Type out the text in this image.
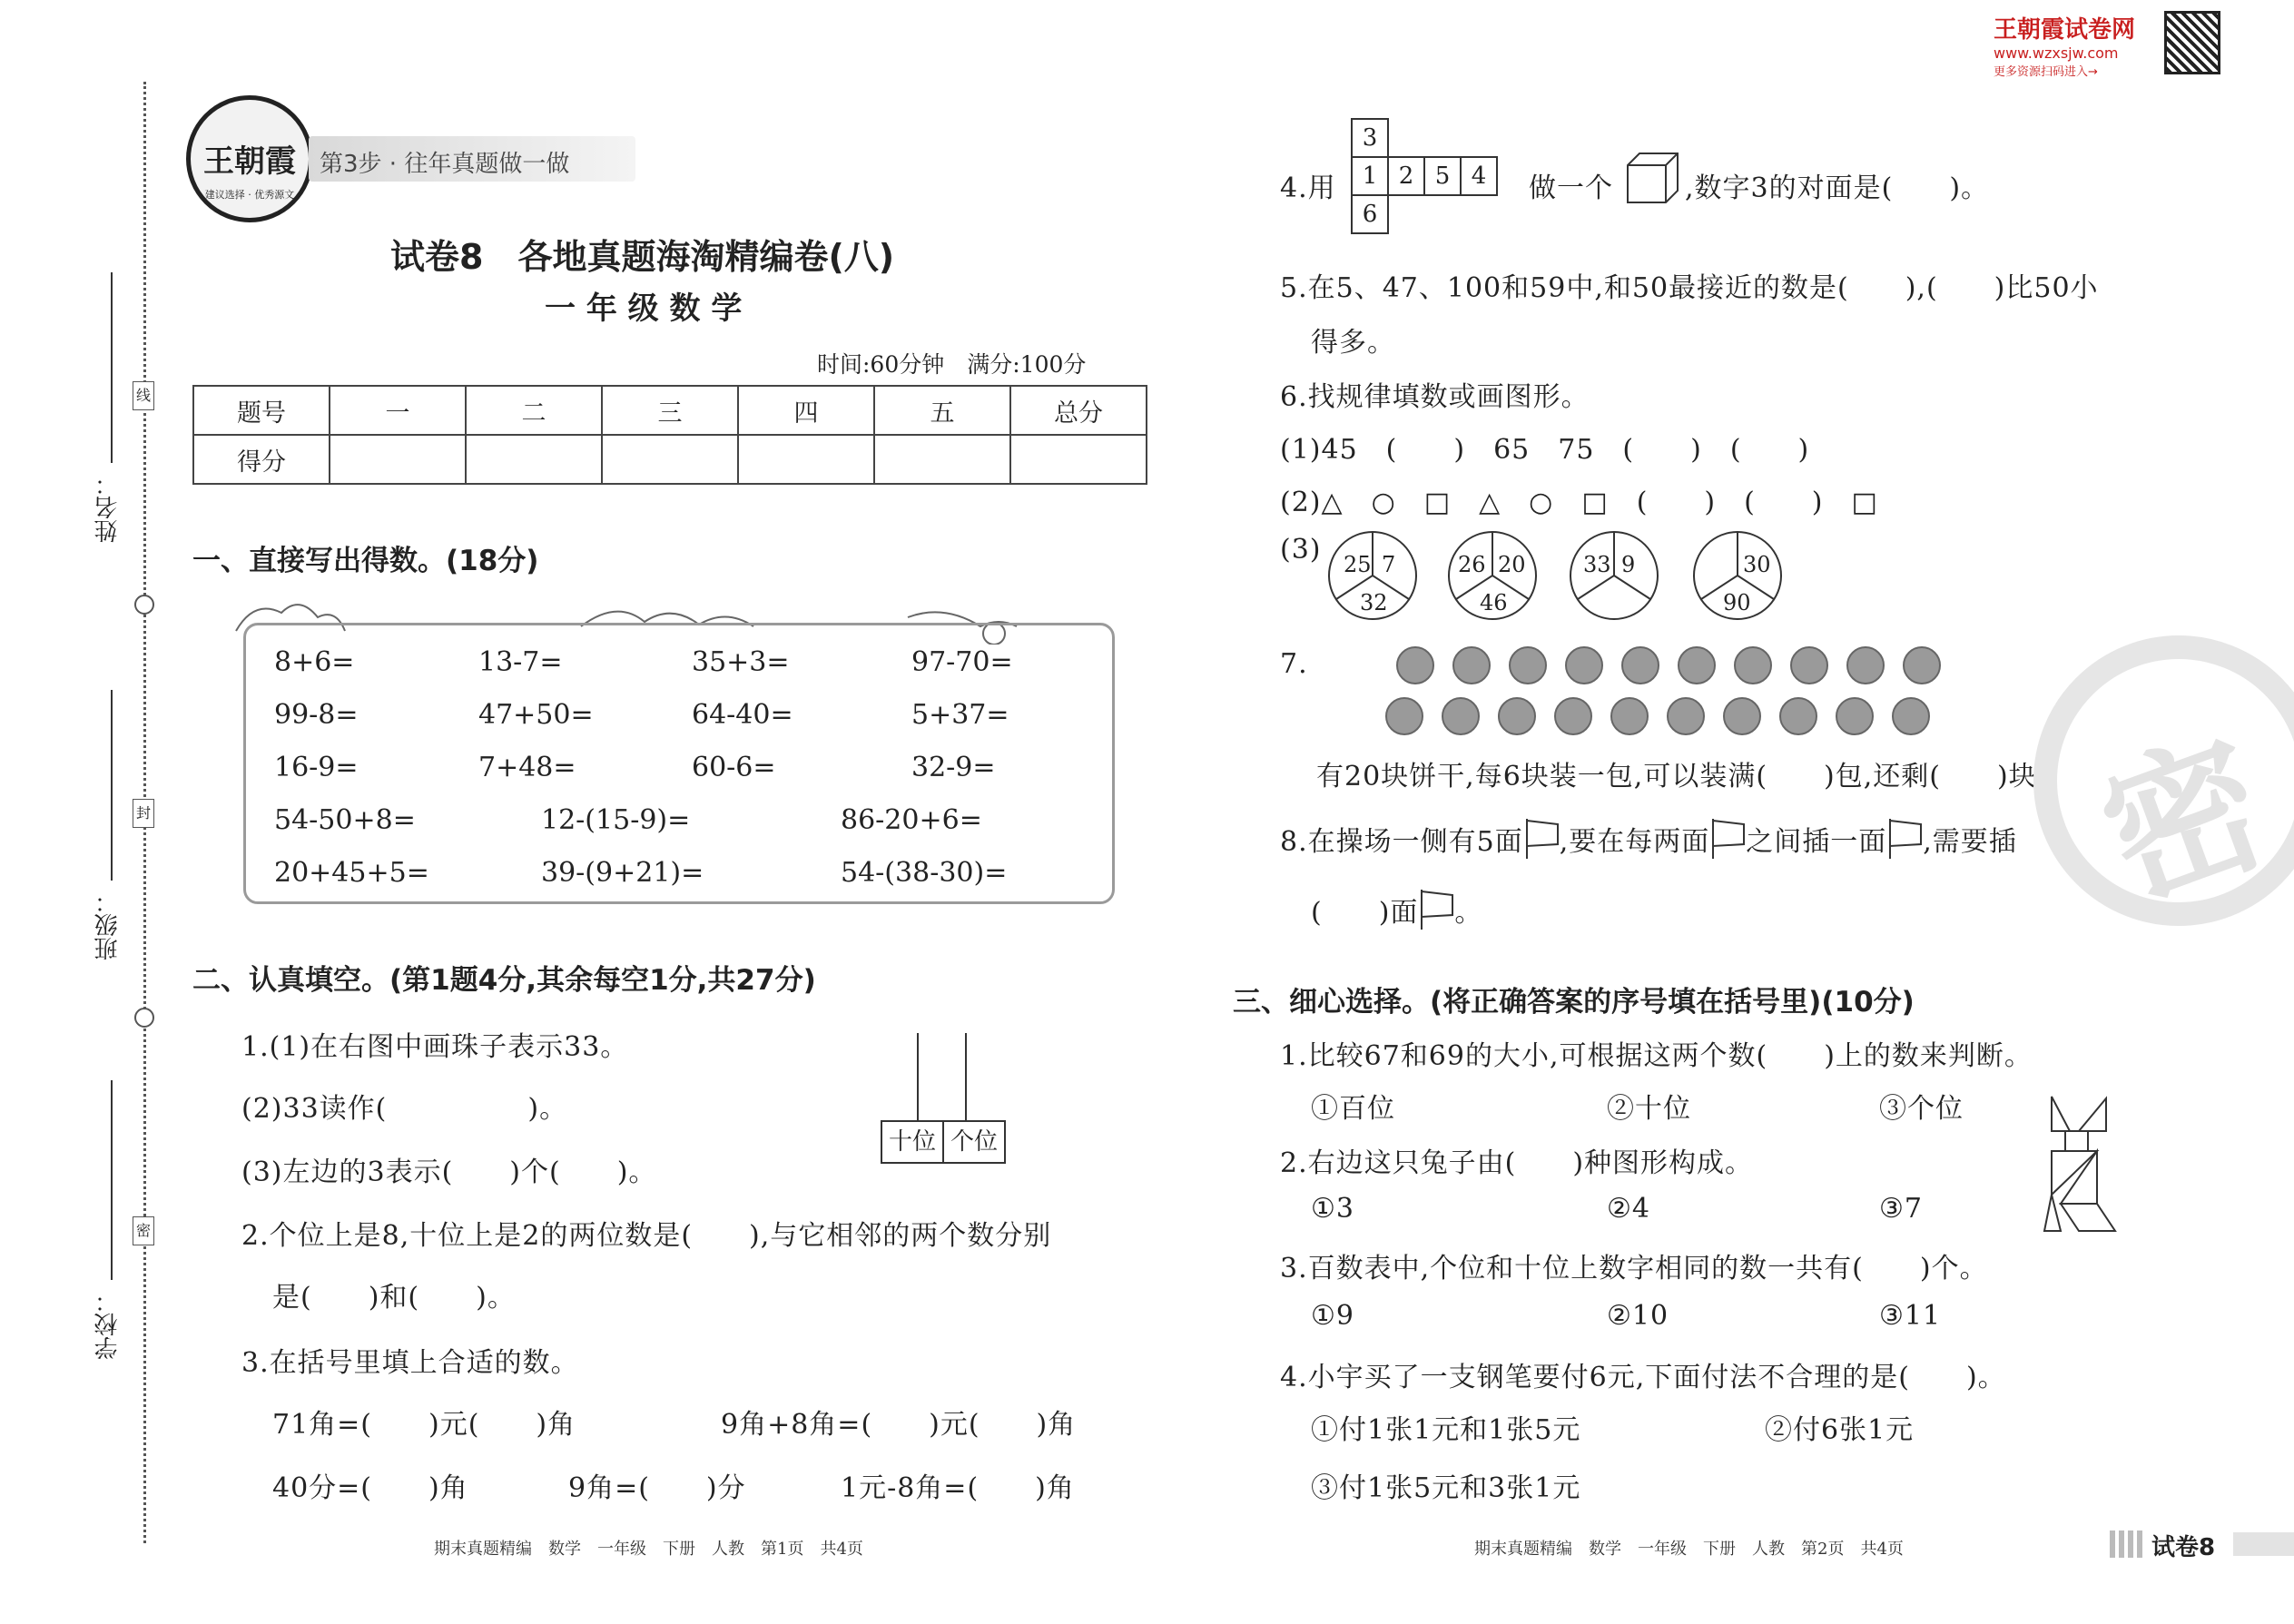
姓名：
班级：
学校：
线
封
密
王朝霞
建议选择 · 优秀源文
第3步 · 往年真题做一做
王朝霞试卷网
www.wzxsjw.com
更多资源扫码进入→
试卷8　各地真题海淘精编卷(八)
一 年 级 数 学
时间:60分钟　满分:100分
题号	一	二	三	四	五	总分
得分						
一、直接写出得数。(18分)
8+6=	13-7=	35+3=	97-70=
99-8=	47+50=	64-40=	5+37=
16-9=	7+48=	60-6=	32-9=
54-50+8=	12-(15-9)=	86-20+6=
20+45+5=	39-(9+21)=	54-(38-30)=
二、认真填空。(第1题4分,其余每空1分,共27分)
1.(1)在右图中画珠子表示33。
(2)33读作(　　　　　)。
(3)左边的3表示(　　)个(　　)。
十位 个位
2.个位上是8,十位上是2的两位数是(　　),与它相邻的两个数分别
是(　　)和(　　)。
3.在括号里填上合适的数。
71角=(　　)元(　　)角	9角+8角=(　　)元(　　)角
40分=(　　)角	9角=(　　)分	1元-8角=(　　)角
4.用
3
1 2 5 4
6
做一个	,数字3的对面是(　　)。
5.在5、47、100和59中,和50最接近的数是(　　),(　　)比50小
得多。
6.找规律填数或画图形。
(1)45　(　　)　65　75　(　　)　(　　)
(2)△　○　□　△　○　□　 (　　)　(　　)　 □
(3) 25 7
32
26 20
46
33 9	30
90
7.
有20块饼干,每6块装一包,可以装满(　　)包,还剩(　　)块。 密
8.在操场一侧有5面 ,要在每两面 之间插一面 ,需要插
(　　)面 。
三、细心选择。(将正确答案的序号填在括号里)(10分)
1.比较67和69的大小,可根据这两个数(　　)上的数来判断。
①百位	②十位	③个位
2.右边这只兔子由(　　)种图形构成。
①3	②4	③7
3.百数表中,个位和十位上数字相同的数一共有(　　)个。
①9	②10	③11
4.小宇买了一支钢笔要付6元,下面付法不合理的是(　　)。
①付1张1元和1张5元	②付6张1元
③付1张5元和3张1元
期末真题精编　数学　一年级　下册　人教　第1页　共4页	期末真题精编　数学　一年级　下册　人教　第2页　共4页	试卷8
